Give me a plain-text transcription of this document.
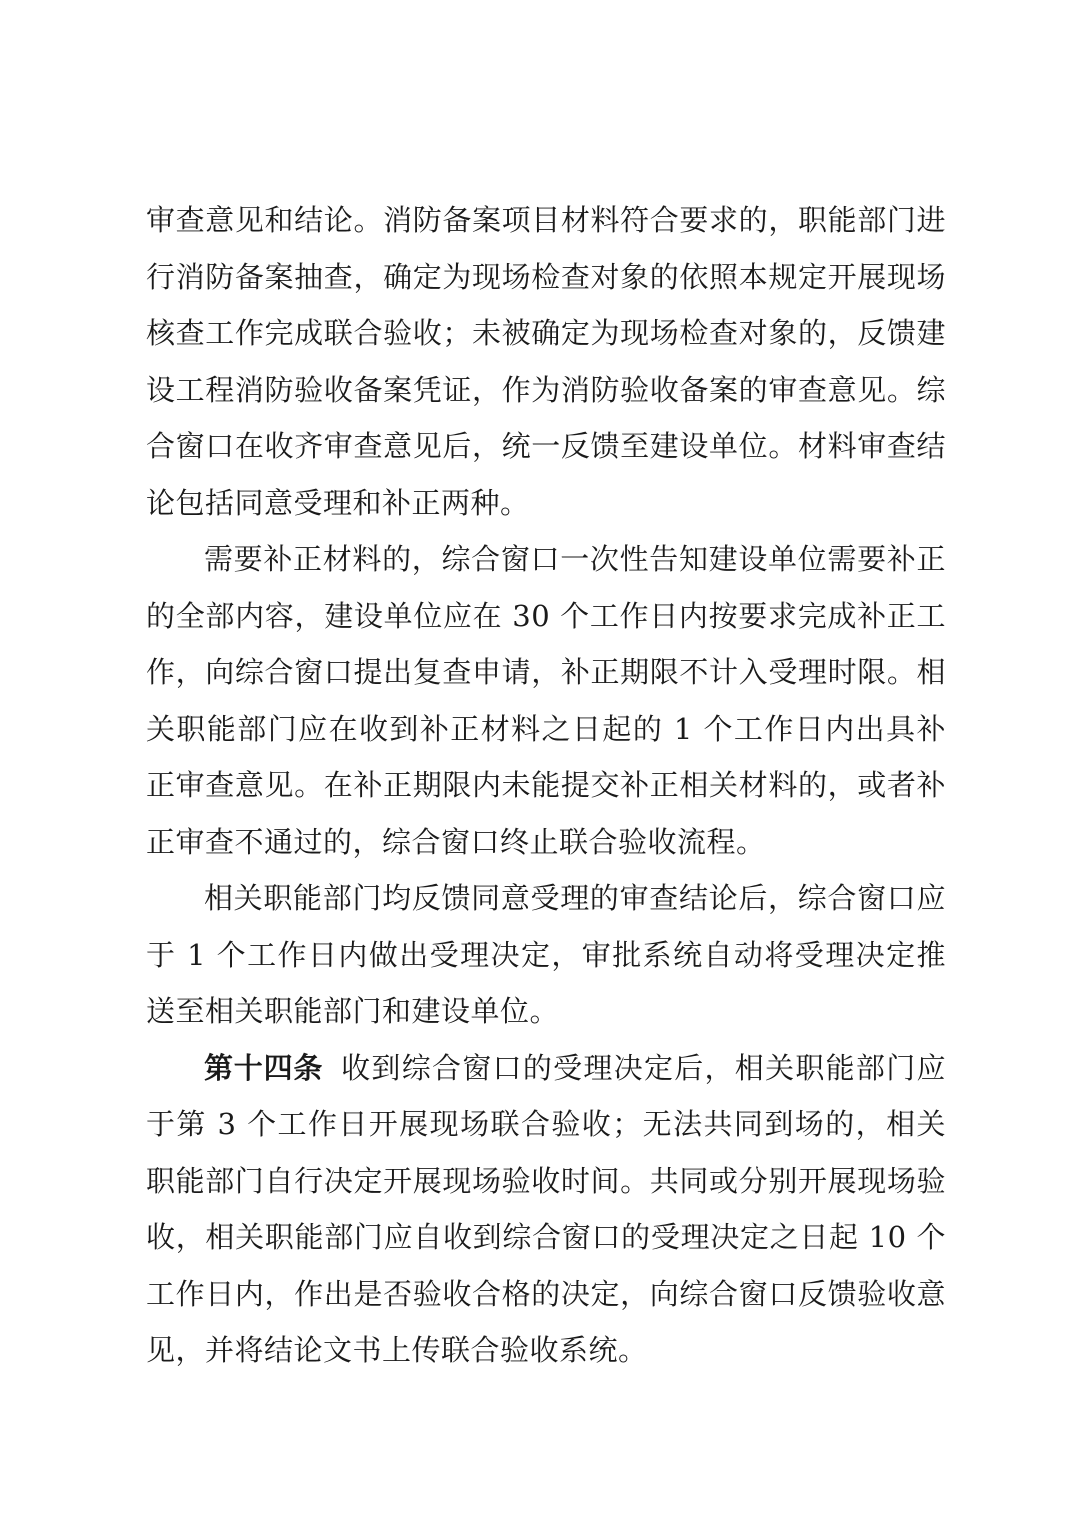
审查意见和结论。消防备案项目材料符合要求的，职能部门进行消防备案抽查，确定为现场检查对象的依照本规定开展现场核查工作完成联合验收；未被确定为现场检查对象的，反馈建设工程消防验收备案凭证，作为消防验收备案的审查意见。综合窗口在收齐审查意见后，统一反馈至建设单位。材料审查结论包括同意受理和补正两种。

需要补正材料的，综合窗口一次性告知建设单位需要补正的全部内容，建设单位应在 30 个工作日内按要求完成补正工作，向综合窗口提出复查申请，补正期限不计入受理时限。相关职能部门应在收到补正材料之日起的 1 个工作日内出具补正审查意见。在补正期限内未能提交补正相关材料的，或者补正审查不通过的，综合窗口终止联合验收流程。

相关职能部门均反馈同意受理的审查结论后，综合窗口应于 1 个工作日内做出受理决定，审批系统自动将受理决定推送至相关职能部门和建设单位。

第十四条 收到综合窗口的受理决定后，相关职能部门应于第 3 个工作日开展现场联合验收；无法共同到场的，相关职能部门自行决定开展现场验收时间。共同或分别开展现场验收，相关职能部门应自收到综合窗口的受理决定之日起 10 个工作日内，作出是否验收合格的决定，向综合窗口反馈验收意见，并将结论文书上传联合验收系统。
